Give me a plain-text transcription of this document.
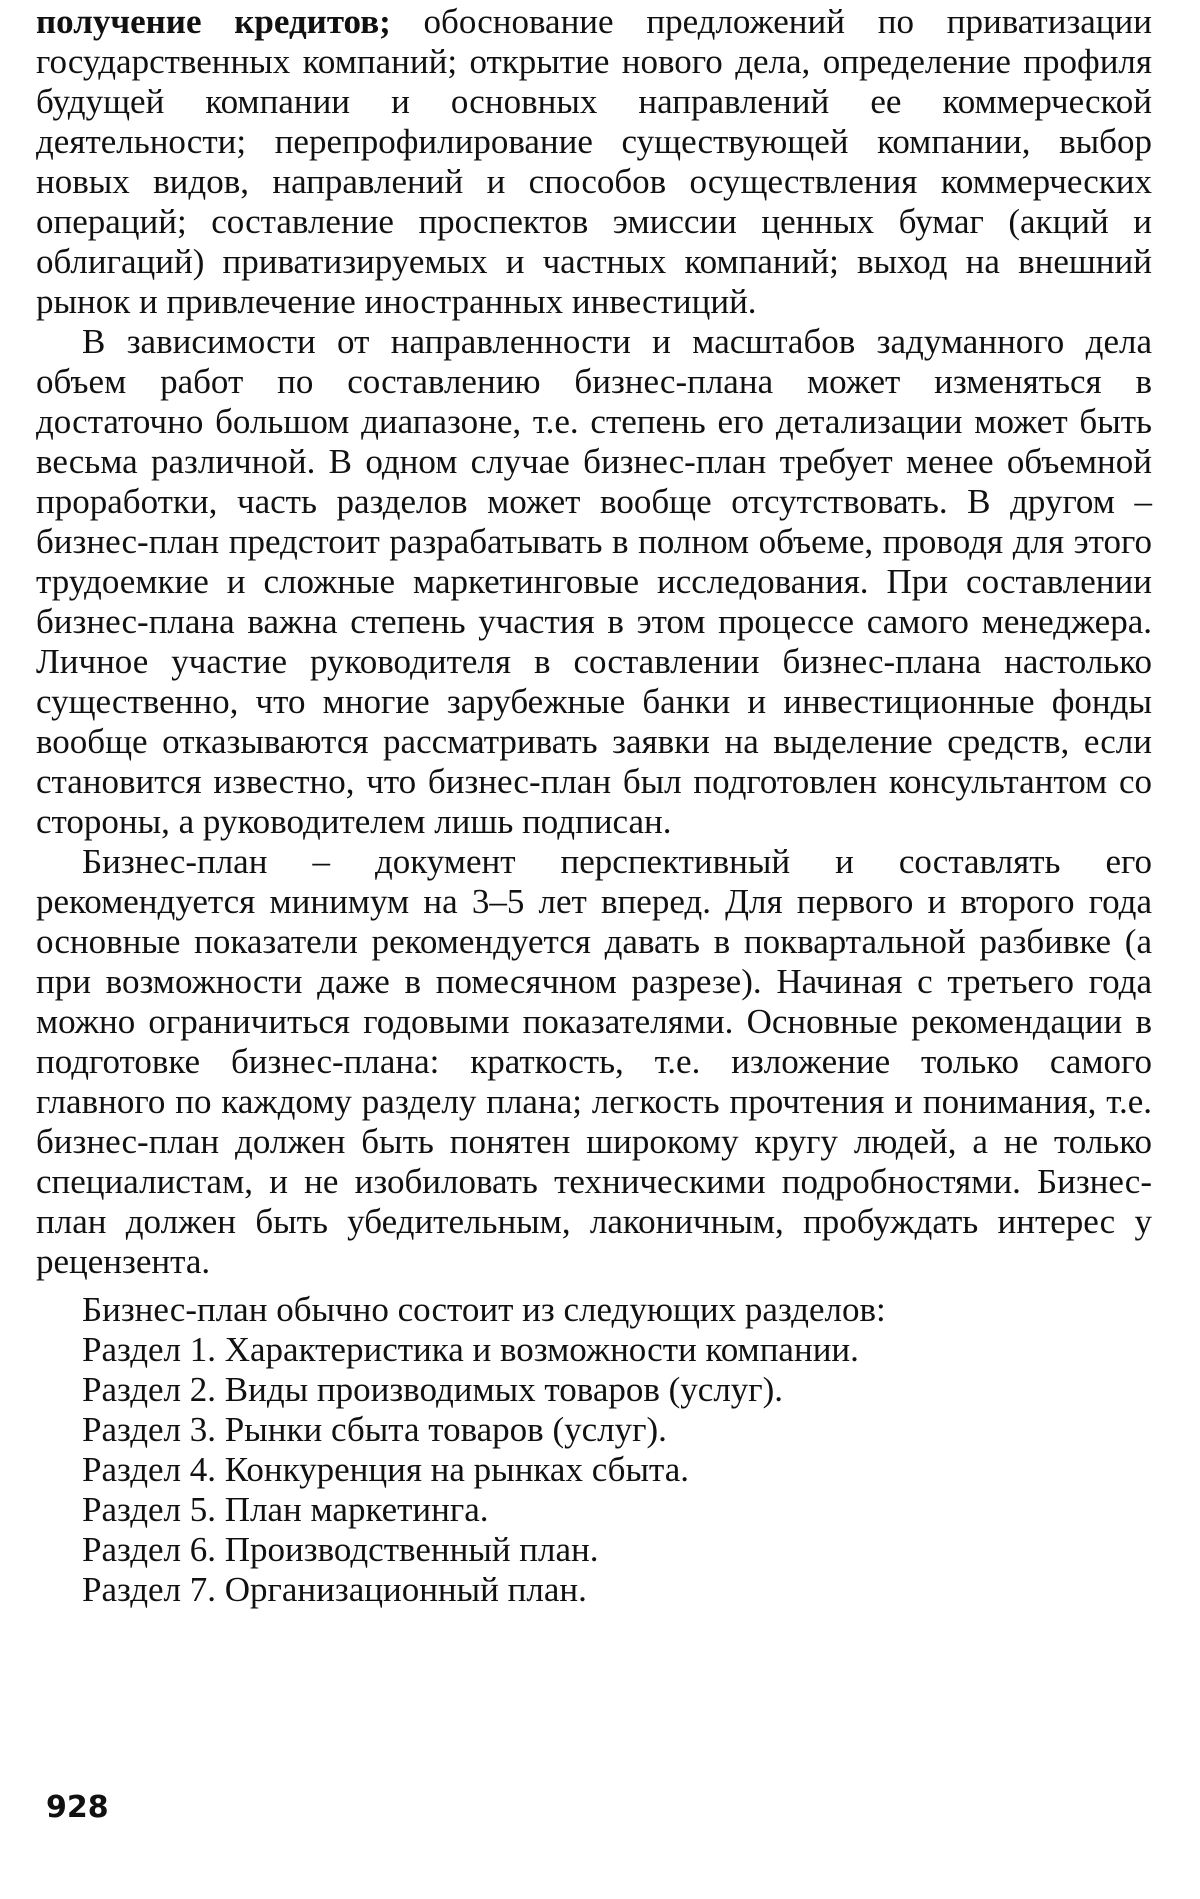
получение кредитов; обоснование предложений по приватизации государственных компаний; открытие нового дела, определение профиля будущей компании и основных направлений ее коммерческой деятельности; перепрофилирование существующей компании, выбор новых видов, направлений и способов осуществления коммерческих операций; составление проспектов эмиссии ценных бумаг (акций и облигаций) приватизируемых и частных компаний; выход на внешний рынок и привлечение иностранных инвестиций.

В зависимости от направленности и масштабов задуманного дела объем работ по составлению бизнес-плана может изменяться в достаточно большом диапазоне, т.е. степень его детализации может быть весьма различной. В одном случае бизнес-план требует менее объемной проработки, часть разделов может вообще отсутствовать. В другом – бизнес-план предстоит разрабатывать в полном объеме, проводя для этого трудоемкие и сложные маркетинговые исследования. При составлении бизнес-плана важна степень участия в этом процессе самого менеджера. Личное участие руководителя в составлении бизнес-плана настолько существенно, что многие зарубежные банки и инвестиционные фонды вообще отказываются рассматривать заявки на выделение средств, если становится известно, что бизнес-план был подготовлен консультантом со стороны, а руководителем лишь подписан.

Бизнес-план – документ перспективный и составлять его рекомендуется минимум на 3–5 лет вперед. Для первого и второго года основные показатели рекомендуется давать в поквартальной разбивке (а при возможности даже в помесячном разрезе). Начиная с третьего года можно ограничиться годовыми показателями. Основные рекомендации в подготовке бизнес-плана: краткость, т.е. изложение только самого главного по каждому разделу плана; легкость прочтения и понимания, т.е. бизнес-план должен быть понятен широкому кругу людей, а не только специалистам, и не изобиловать техническими подробностями. Бизнес-план должен быть убедительным, лаконичным, пробуждать интерес у рецензента.

Бизнес-план обычно состоит из следующих разделов:

Раздел 1. Характеристика и возможности компании.

Раздел 2. Виды производимых товаров (услуг).

Раздел 3. Рынки сбыта товаров (услуг).

Раздел 4. Конкуренция на рынках сбыта.

Раздел 5. План маркетинга.

Раздел 6. Производственный план.

Раздел 7. Организационный план.

928
